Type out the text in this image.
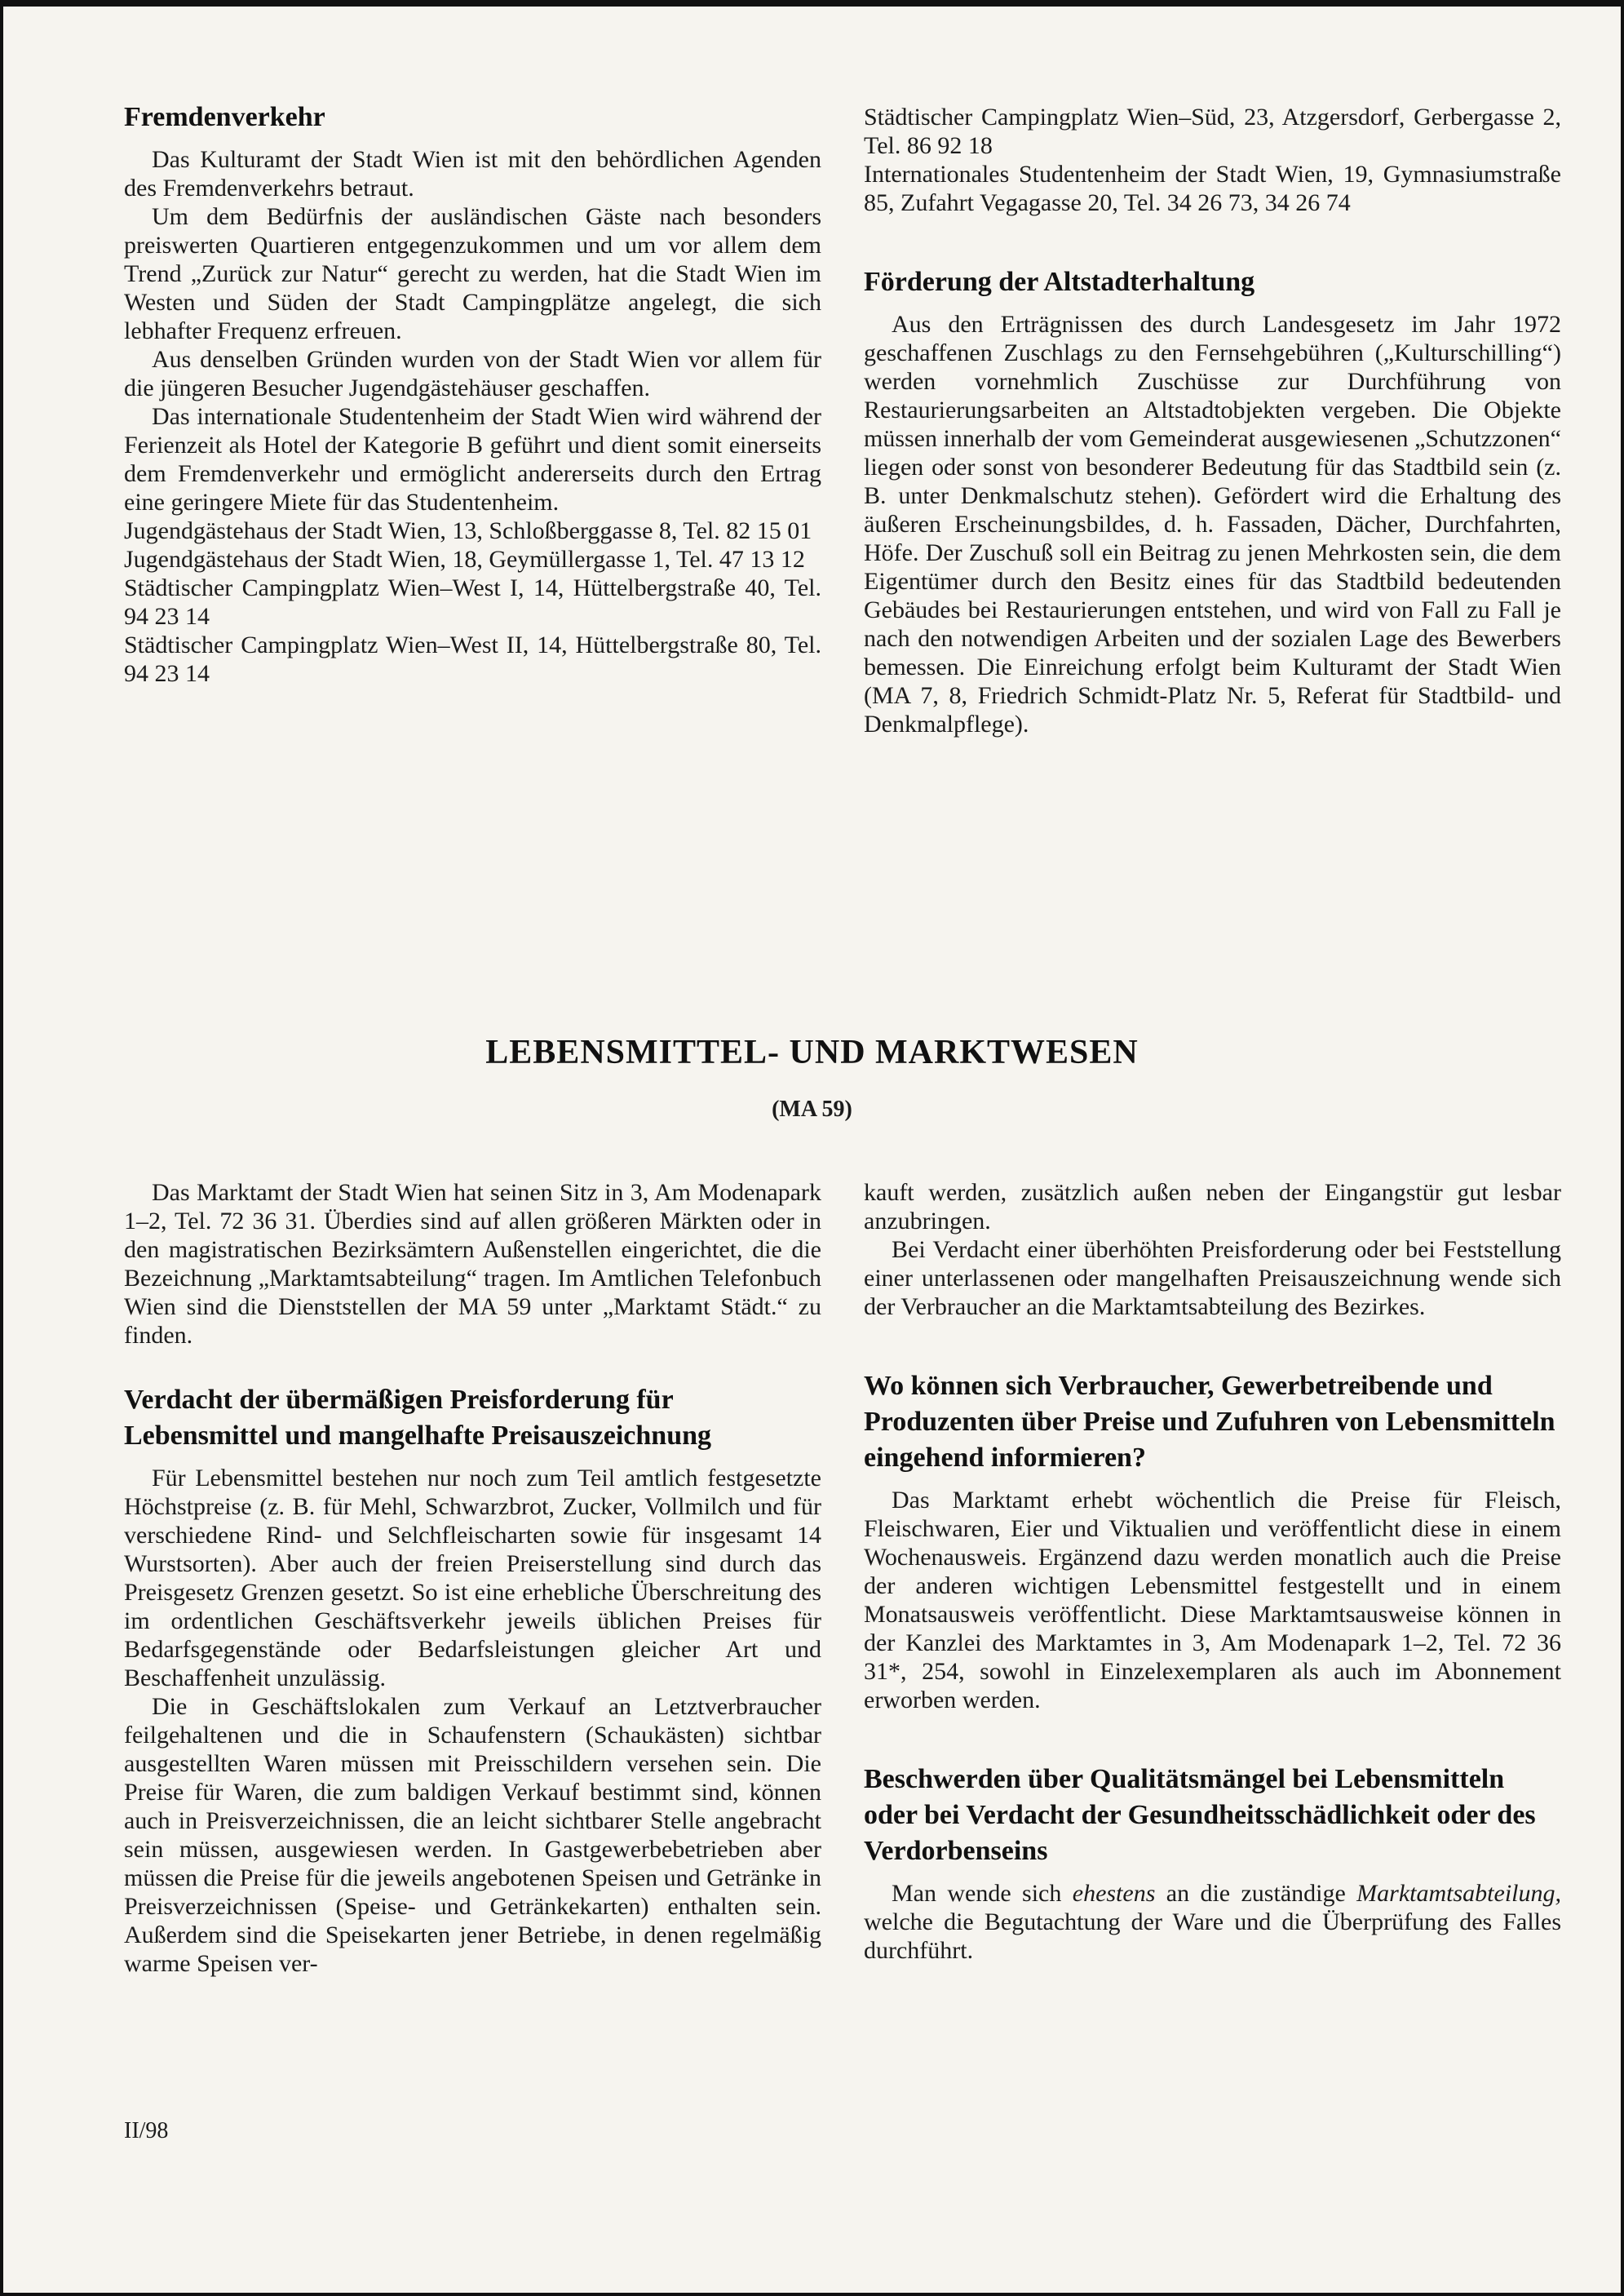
Fremdenverkehr

Das Kulturamt der Stadt Wien ist mit den behördlichen Agenden des Fremdenverkehrs betraut.

Um dem Bedürfnis der ausländischen Gäste nach besonders preiswerten Quartieren entgegenzukommen und um vor allem dem Trend „Zurück zur Natur“ gerecht zu werden, hat die Stadt Wien im Westen und Süden der Stadt Campingplätze angelegt, die sich lebhafter Frequenz erfreuen.

Aus denselben Gründen wurden von der Stadt Wien vor allem für die jüngeren Besucher Jugendgästehäuser geschaffen.

Das internationale Studentenheim der Stadt Wien wird während der Ferienzeit als Hotel der Kategorie B geführt und dient somit einerseits dem Fremdenverkehr und ermöglicht andererseits durch den Ertrag eine geringere Miete für das Studentenheim.

Jugendgästehaus der Stadt Wien, 13, Schloßberggasse 8, Tel. 82 15 01
Jugendgästehaus der Stadt Wien, 18, Geymüllergasse 1, Tel. 47 13 12
Städtischer Campingplatz Wien–West I, 14, Hüttelbergstraße 40, Tel. 94 23 14
Städtischer Campingplatz Wien–West II, 14, Hüttelbergstraße 80, Tel. 94 23 14
Städtischer Campingplatz Wien–Süd, 23, Atzgersdorf, Gerbergasse 2, Tel. 86 92 18
Internationales Studentenheim der Stadt Wien, 19, Gymnasiumstraße 85, Zufahrt Vegagasse 20, Tel. 34 26 73, 34 26 74
Förderung der Altstadterhaltung

Aus den Erträgnissen des durch Landesgesetz im Jahr 1972 geschaffenen Zuschlags zu den Fernsehgebühren („Kulturschilling“) werden vornehmlich Zuschüsse zur Durchführung von Restaurierungsarbeiten an Altstadtobjekten vergeben. Die Objekte müssen innerhalb der vom Gemeinderat ausgewiesenen „Schutzzonen“ liegen oder sonst von besonderer Bedeutung für das Stadtbild sein (z. B. unter Denkmalschutz stehen). Gefördert wird die Erhaltung des äußeren Erscheinungsbildes, d. h. Fassaden, Dächer, Durchfahrten, Höfe. Der Zuschuß soll ein Beitrag zu jenen Mehrkosten sein, die dem Eigentümer durch den Besitz eines für das Stadtbild bedeutenden Gebäudes bei Restaurierungen entstehen, und wird von Fall zu Fall je nach den notwendigen Arbeiten und der sozialen Lage des Bewerbers bemessen. Die Einreichung erfolgt beim Kulturamt der Stadt Wien (MA 7, 8, Friedrich Schmidt-Platz Nr. 5, Referat für Stadtbild- und Denkmalpflege).

LEBENSMITTEL- UND MARKTWESEN
(MA 59)

Das Marktamt der Stadt Wien hat seinen Sitz in 3, Am Modenapark 1–2, Tel. 72 36 31. Überdies sind auf allen größeren Märkten oder in den magistratischen Bezirksämtern Außenstellen eingerichtet, die die Bezeichnung „Marktamtsabteilung“ tragen. Im Amtlichen Telefonbuch Wien sind die Dienststellen der MA 59 unter „Marktamt Städt.“ zu finden.

Verdacht der übermäßigen Preisforderung für Lebensmittel und mangelhafte Preisauszeichnung

Für Lebensmittel bestehen nur noch zum Teil amtlich festgesetzte Höchstpreise (z. B. für Mehl, Schwarzbrot, Zucker, Vollmilch und für verschiedene Rind- und Selchfleischarten sowie für insgesamt 14 Wurstsorten). Aber auch der freien Preiserstellung sind durch das Preisgesetz Grenzen gesetzt. So ist eine erhebliche Überschreitung des im ordentlichen Geschäftsverkehr jeweils üblichen Preises für Bedarfsgegenstände oder Bedarfsleistungen gleicher Art und Beschaffenheit unzulässig.

Die in Geschäftslokalen zum Verkauf an Letztverbraucher feilgehaltenen und die in Schaufenstern (Schaukästen) sichtbar ausgestellten Waren müssen mit Preisschildern versehen sein. Die Preise für Waren, die zum baldigen Verkauf bestimmt sind, können auch in Preisverzeichnissen, die an leicht sichtbarer Stelle angebracht sein müssen, ausgewiesen werden. In Gastgewerbebetrieben aber müssen die Preise für die jeweils angebotenen Speisen und Getränke in Preisverzeichnissen (Speise- und Getränkekarten) enthalten sein. Außerdem sind die Speisekarten jener Betriebe, in denen regelmäßig warme Speisen ver-

kauft werden, zusätzlich außen neben der Eingangstür gut lesbar anzubringen.

Bei Verdacht einer überhöhten Preisforderung oder bei Feststellung einer unterlassenen oder mangelhaften Preisauszeichnung wende sich der Verbraucher an die Marktamtsabteilung des Bezirkes.

Wo können sich Verbraucher, Gewerbetreibende und Produzenten über Preise und Zufuhren von Lebensmitteln eingehend informieren?

Das Marktamt erhebt wöchentlich die Preise für Fleisch, Fleischwaren, Eier und Viktualien und veröffentlicht diese in einem Wochenausweis. Ergänzend dazu werden monatlich auch die Preise der anderen wichtigen Lebensmittel festgestellt und in einem Monatsausweis veröffentlicht. Diese Marktamtsausweise können in der Kanzlei des Marktamtes in 3, Am Modenapark 1–2, Tel. 72 36 31*, 254, sowohl in Einzelexemplaren als auch im Abonnement erworben werden.

Beschwerden über Qualitätsmängel bei Lebensmitteln oder bei Verdacht der Gesundheitsschädlichkeit oder des Verdorbenseins

Man wende sich ehestens an die zuständige Marktamtsabteilung, welche die Begutachtung der Ware und die Überprüfung des Falles durchführt.

II/98
